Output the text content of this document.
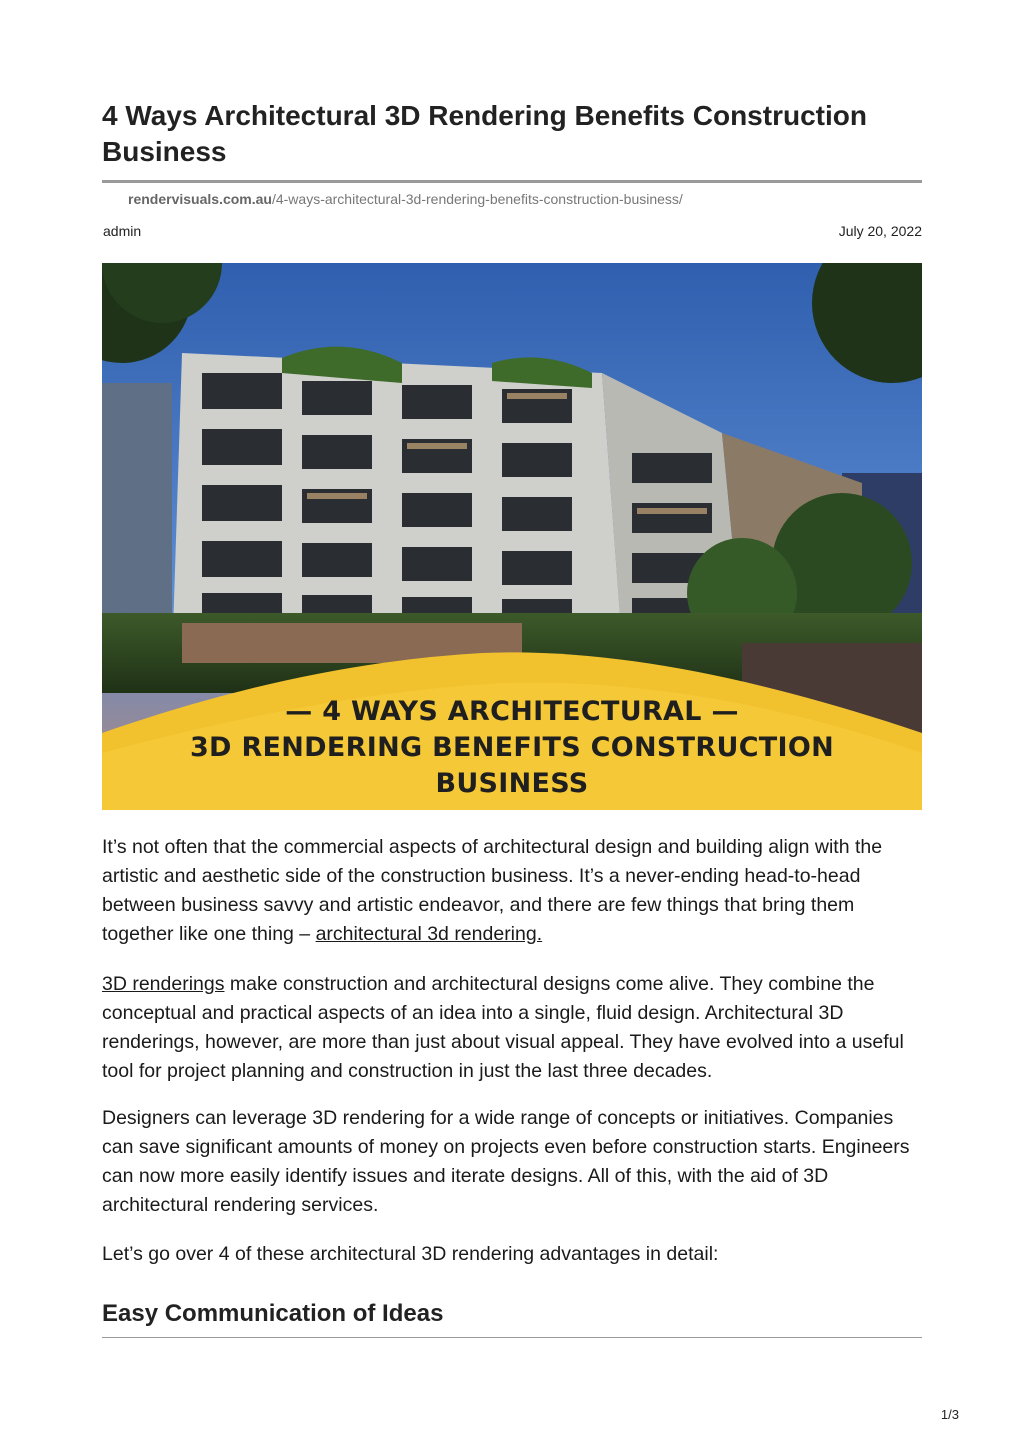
4 Ways Architectural 3D Rendering Benefits Construction Business
rendervisuals.com.au/4-ways-architectural-3d-rendering-benefits-construction-business/
admin	July 20, 2022
— 4 WAYS ARCHITECTURAL —
3D RENDERING BENEFITS CONSTRUCTION
BUSINESS
It’s not often that the commercial aspects of architectural design and building align with the artistic and aesthetic side of the construction business. It’s a never-ending head-to-head between business savvy and artistic endeavor, and there are few things that bring them together like one thing – architectural 3d rendering.
3D renderings make construction and architectural designs come alive. They combine the conceptual and practical aspects of an idea into a single, fluid design. Architectural 3D renderings, however, are more than just about visual appeal. They have evolved into a useful tool for project planning and construction in just the last three decades.
Designers can leverage 3D rendering for a wide range of concepts or initiatives. Companies can save significant amounts of money on projects even before construction starts. Engineers can now more easily identify issues and iterate designs. All of this, with the aid of 3D architectural rendering services.
Let’s go over 4 of these architectural 3D rendering advantages in detail:
Easy Communication of Ideas
1/3
